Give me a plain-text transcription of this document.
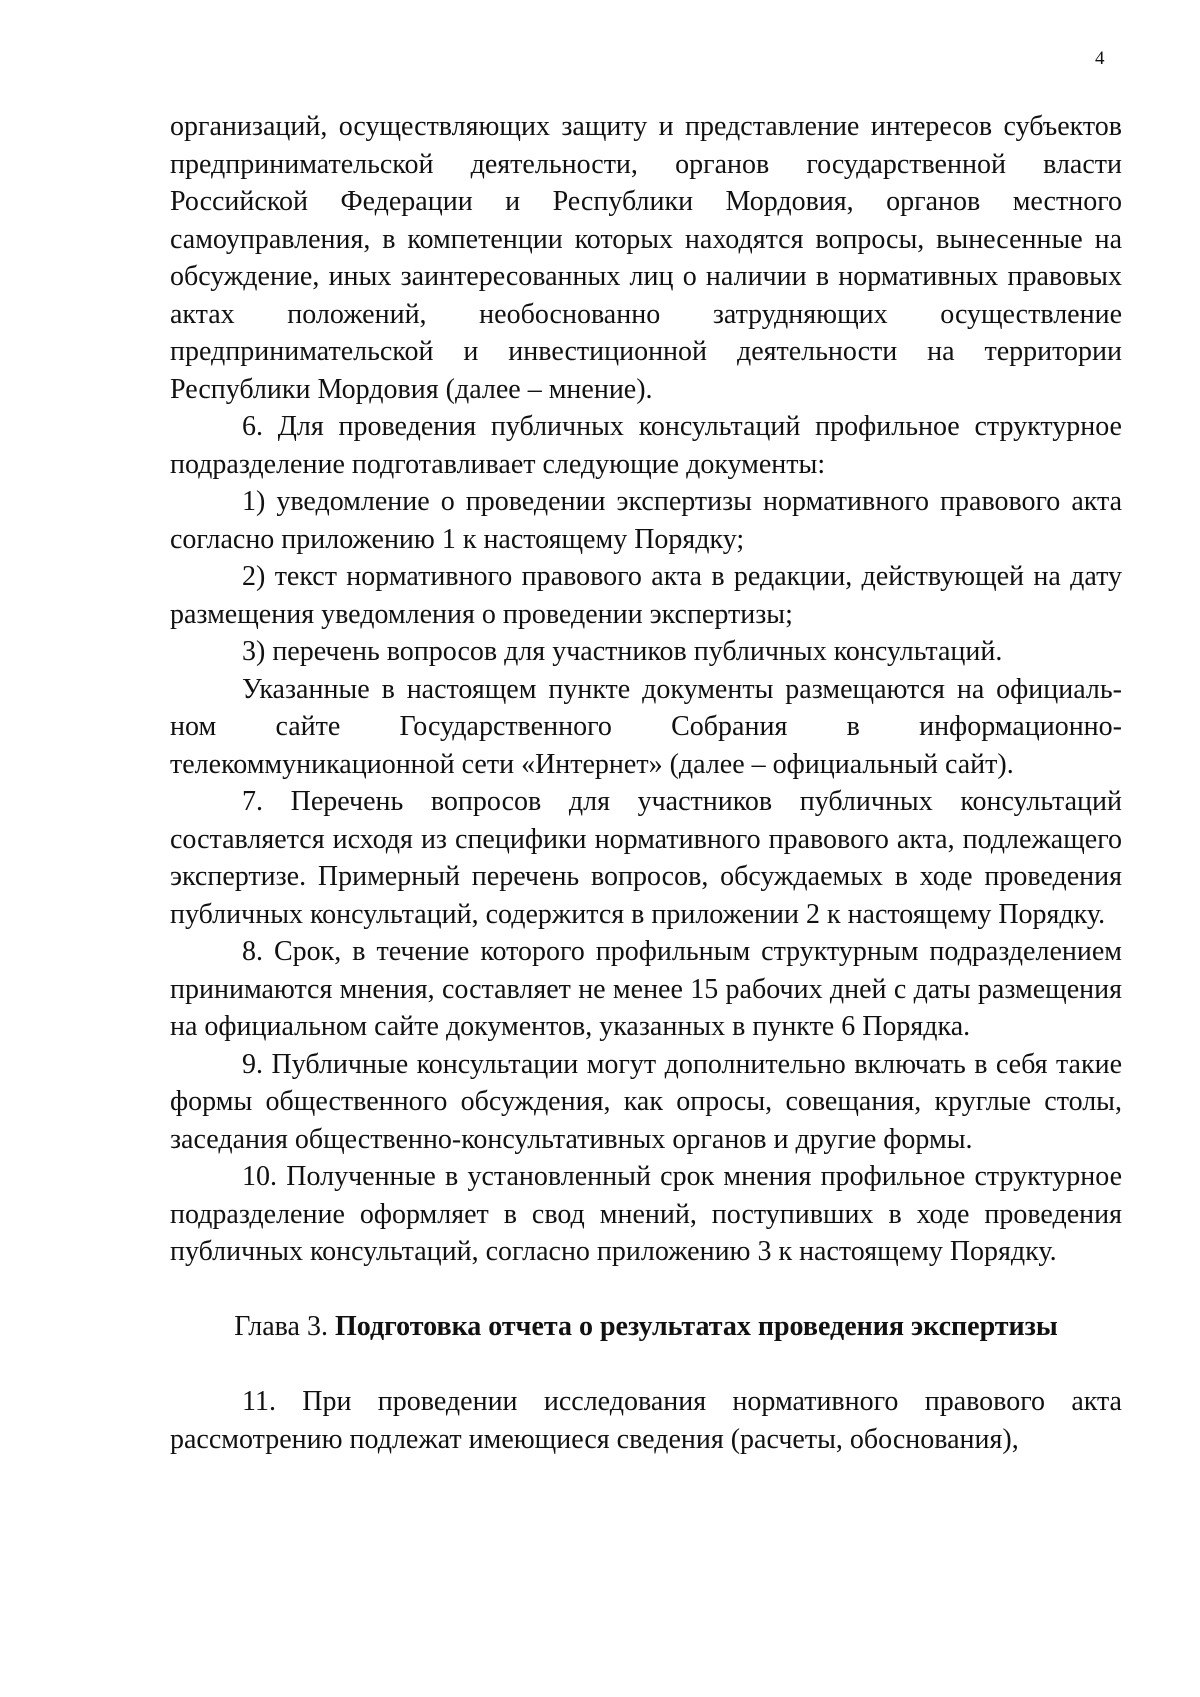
4

организаций, осуществляющих защиту и представление интересов субъектов предпринимательской деятельности, органов государственной власти Российской Федерации и Республики Мордовия, органов местного самоуправления, в компетенции которых находятся вопросы, вынесенные на обсуждение, иных заинтересованных лиц о наличии в нормативных правовых актах положений, необоснованно затрудняющих осуществление предпринимательской и инвестиционной деятельности на территории Республики Мордовия (далее – мнение).

6. Для проведения публичных консультаций профильное структурное подразделение подготавливает следующие документы:

1) уведомление о проведении экспертизы нормативного правового акта согласно приложению 1 к настоящему Порядку;

2) текст нормативного правового акта в редакции, действующей на дату размещения уведомления о проведении экспертизы;

3) перечень вопросов для участников публичных консультаций.

Указанные в настоящем пункте документы размещаются на официальном сайте Государственного Собрания в информационно-телекоммуникационной сети «Интернет» (далее – официальный сайт).

7. Перечень вопросов для участников публичных консультаций составляется исходя из специфики нормативного правового акта, подлежащего экспертизе. Примерный перечень вопросов, обсуждаемых в ходе проведения публичных консультаций, содержится в приложении 2 к настоящему Порядку.

8. Срок, в течение которого профильным структурным подразделением принимаются мнения, составляет не менее 15 рабочих дней с даты размещения на официальном сайте документов, указанных в пункте 6 Порядка.

9. Публичные консультации могут дополнительно включать в себя такие формы общественного обсуждения, как опросы, совещания, круглые столы, заседания общественно-консультативных органов и другие формы.

10. Полученные в установленный срок мнения профильное структурное подразделение оформляет в свод мнений, поступивших в ходе проведения публичных консультаций, согласно приложению 3 к настоящему Порядку.

Глава 3. Подготовка отчета о результатах проведения экспертизы

11. При проведении исследования нормативного правового акта рассмотрению подлежат имеющиеся сведения (расчеты, обоснования),
